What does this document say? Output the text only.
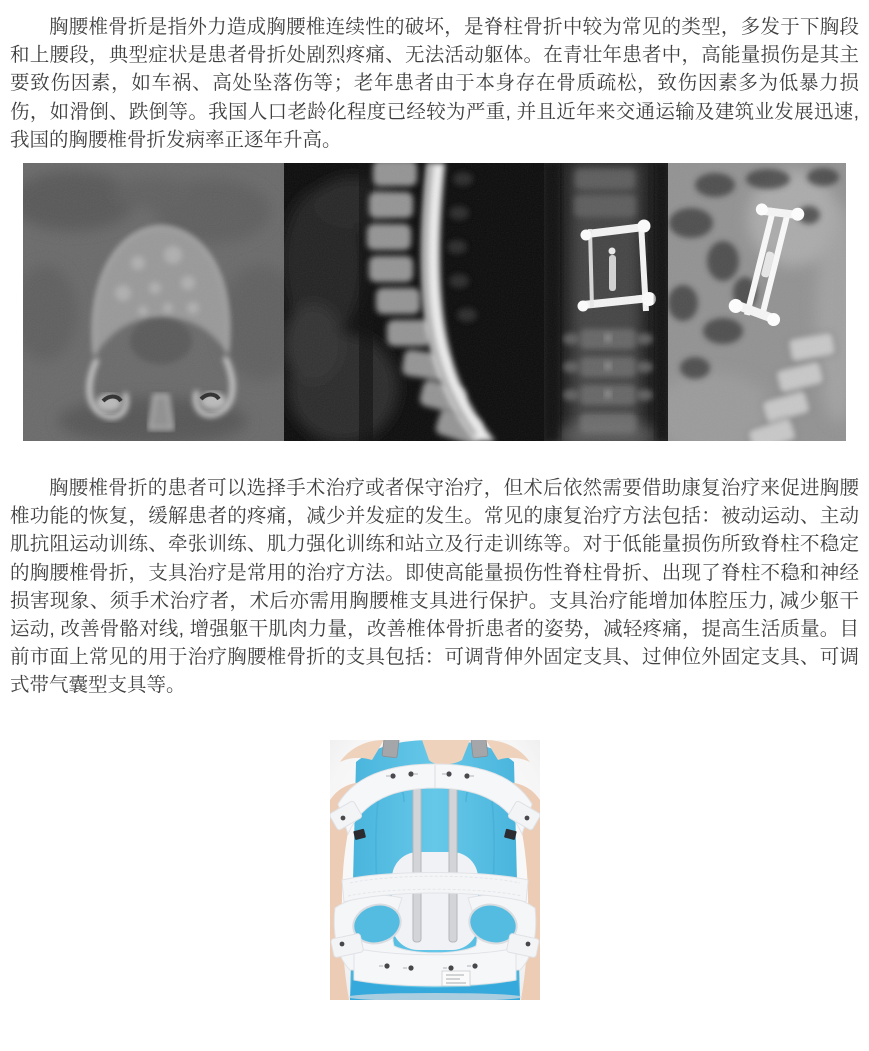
胸腰椎骨折是指外力造成胸腰椎连续性的破坏，是脊柱骨折中较为常见的类型，多发于下胸段和上腰段，典型症状是患者骨折处剧烈疼痛、无法活动躯体。在青壮年患者中，高能量损伤是其主要致伤因素，如车祸、高处坠落伤等；老年患者由于本身存在骨质疏松，致伤因素多为低暴力损伤，如滑倒、跌倒等。我国人口老龄化程度已经较为严重, 并且近年来交通运输及建筑业发展迅速, 我国的胸腰椎骨折发病率正逐年升高。

胸腰椎骨折的患者可以选择手术治疗或者保守治疗，但术后依然需要借助康复治疗来促进胸腰椎功能的恢复，缓解患者的疼痛，减少并发症的发生。常见的康复治疗方法包括：被动运动、主动肌抗阻运动训练、牵张训练、肌力强化训练和站立及行走训练等。对于低能量损伤所致脊柱不稳定的胸腰椎骨折，支具治疗是常用的治疗方法。即使高能量损伤性脊柱骨折、出现了脊柱不稳和神经损害现象、须手术治疗者，术后亦需用胸腰椎支具进行保护。支具治疗能增加体腔压力, 减少躯干运动, 改善骨骼对线, 增强躯干肌肉力量，改善椎体骨折患者的姿势，减轻疼痛，提高生活质量。目前市面上常见的用于治疗胸腰椎骨折的支具包括：可调背伸外固定支具、过伸位外固定支具、可调式带气囊型支具等。
